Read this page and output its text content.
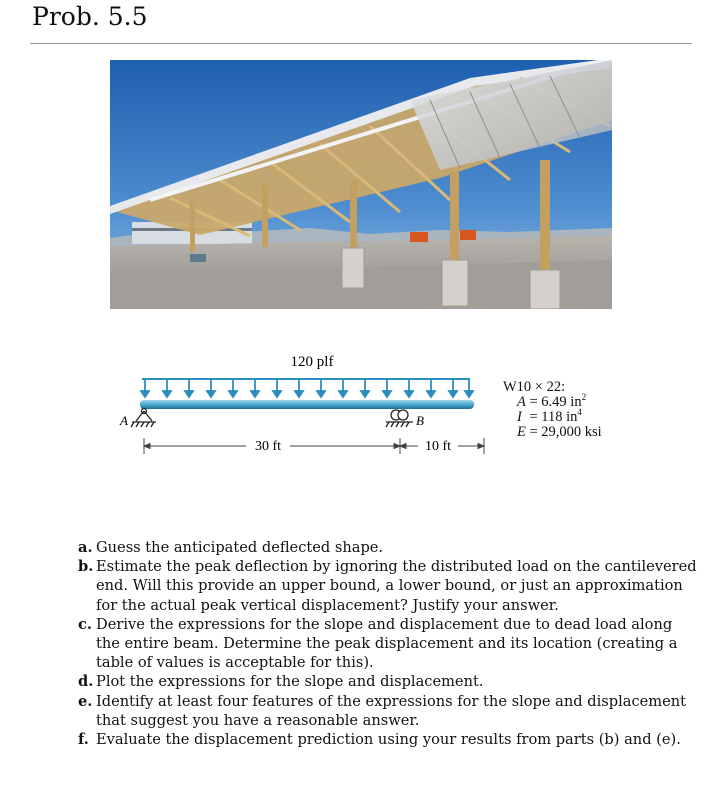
Prob. 5.5
120 plf
A	B
30 ft	10 ft
W10 × 22:
A = 6.49 $in^2$
I = 118 $in^4$
E = 29,000 ksi
a. Guess the anticipated deflected shape.
b. Estimate the peak deflection by ignoring the distributed load on the cantilevered end. Will this provide an upper bound, a lower bound, or just an approximation for the actual peak vertical displacement? Justify your answer.
c. Derive the expressions for the slope and displacement due to dead load along the entire beam. Determine the peak displacement and its location (creating a table of values is acceptable for this).
d. Plot the expressions for the slope and displacement.
e. Identify at least four features of the expressions for the slope and displacement that suggest you have a reasonable answer.
f. Evaluate the displacement prediction using your results from parts (b) and (e).
